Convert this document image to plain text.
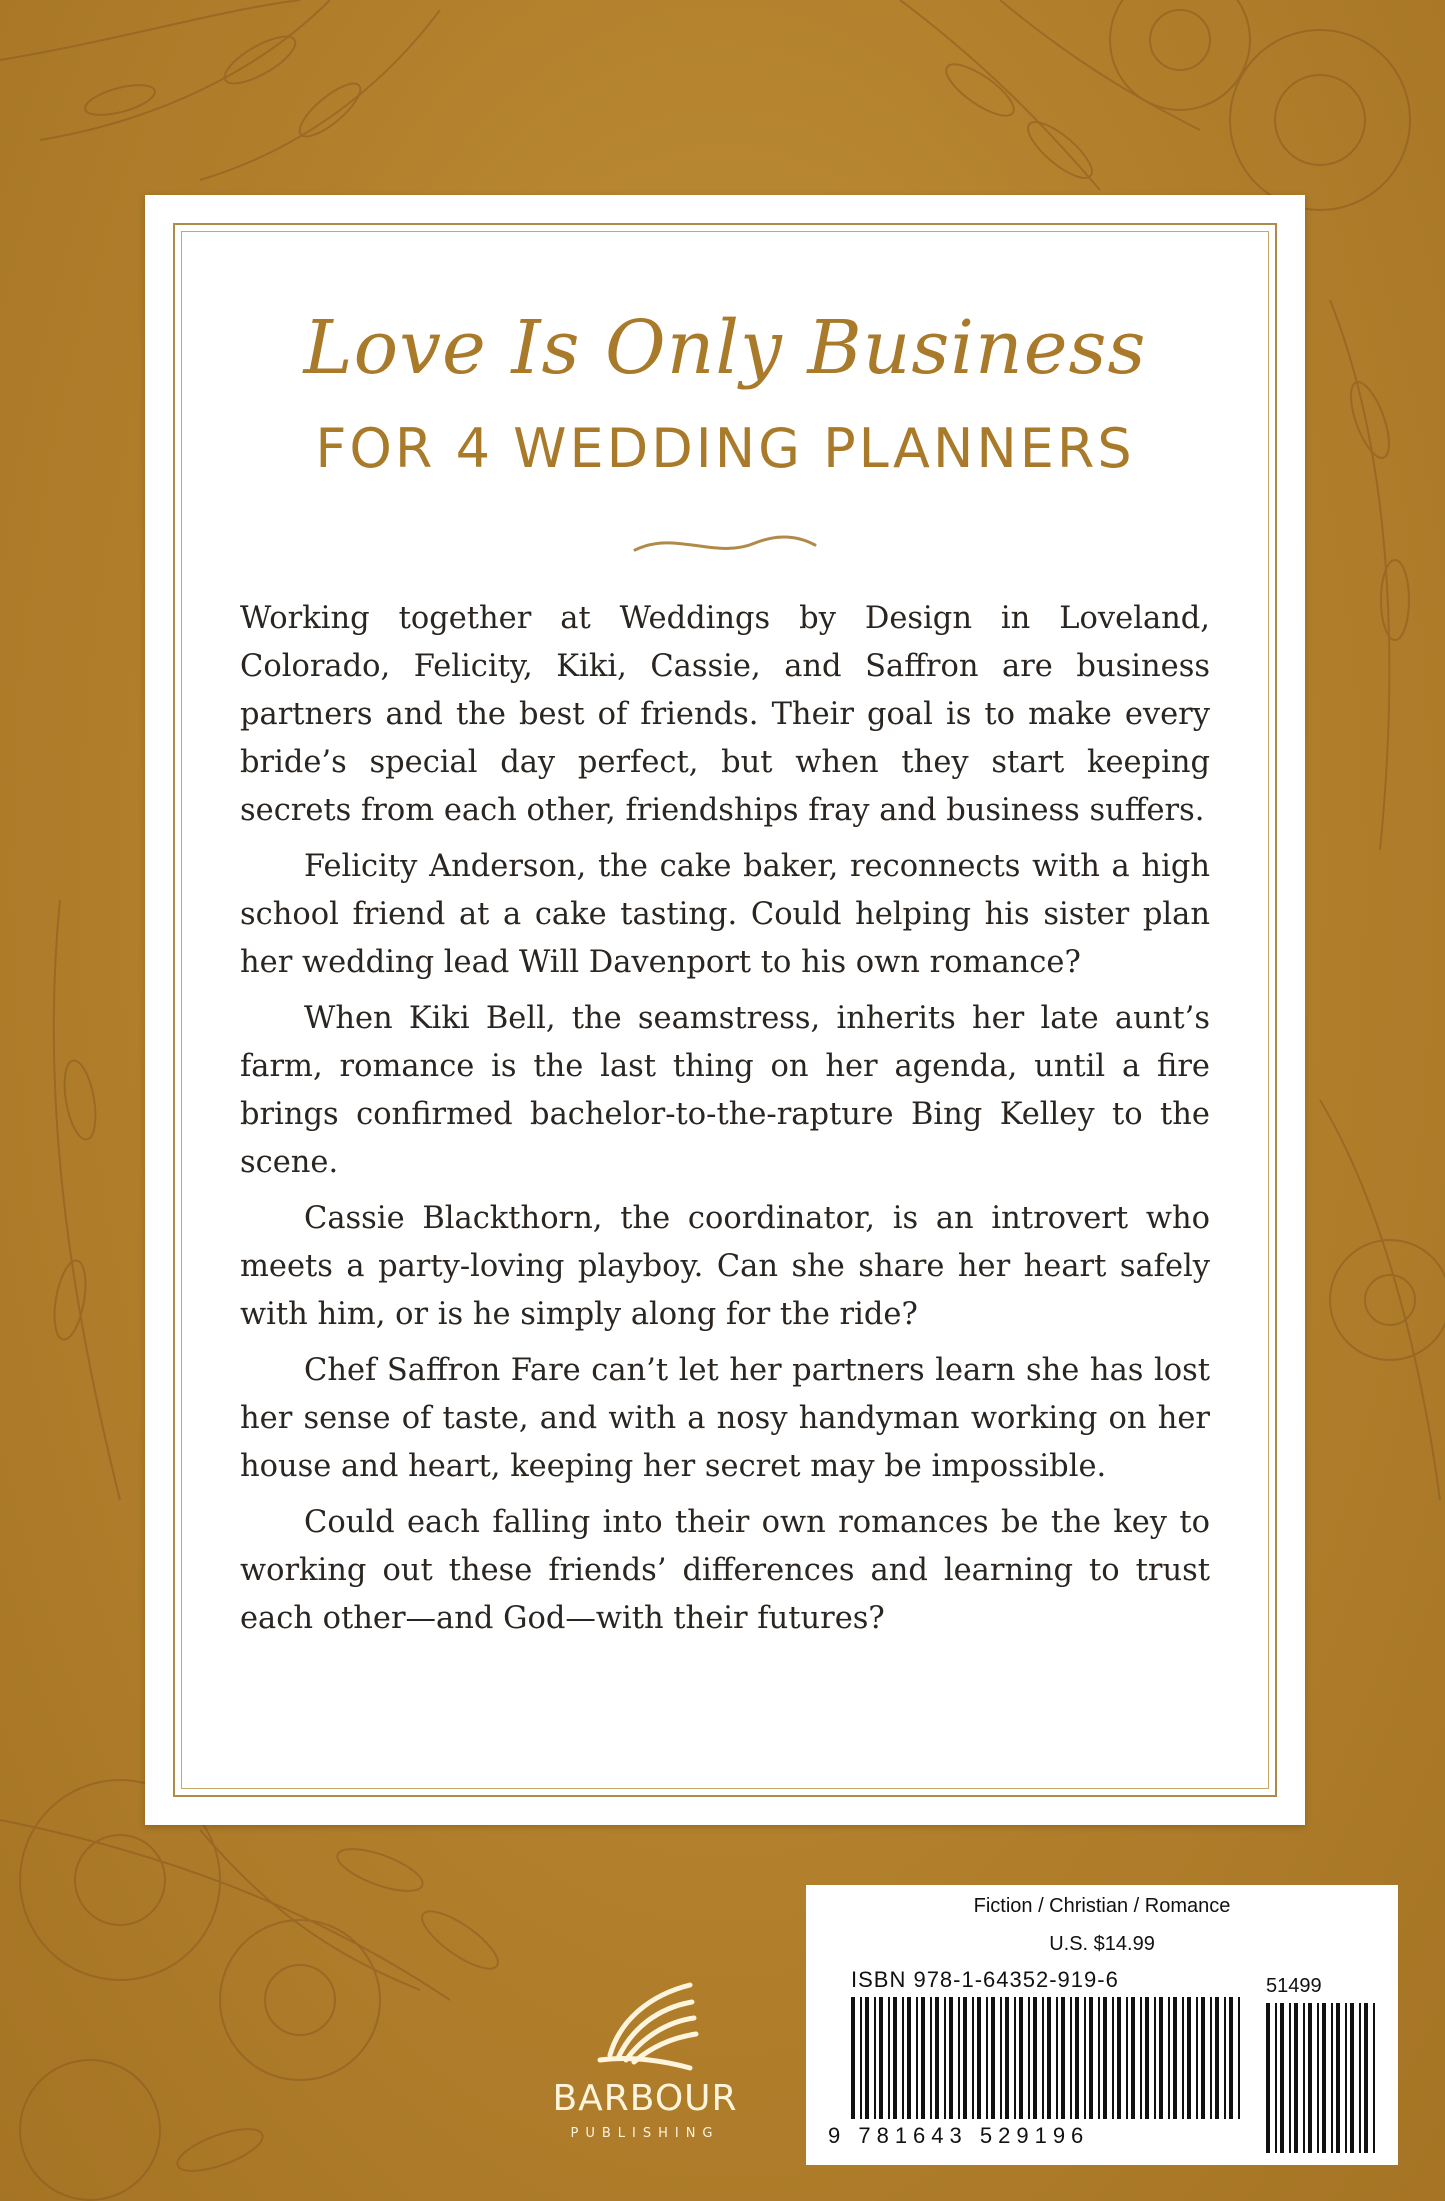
Love Is Only Business
FOR 4 WEDDING PLANNERS

Working together at Weddings by Design in Loveland, Colorado, Felicity, Kiki, Cassie, and Saffron are business partners and the best of friends. Their goal is to make every bride’s special day perfect, but when they start keeping secrets from each other, friendships fray and business suffers.

Felicity Anderson, the cake baker, reconnects with a high school friend at a cake tasting. Could helping his sister plan her wedding lead Will Davenport to his own romance?

When Kiki Bell, the seamstress, inherits her late aunt’s farm, romance is the last thing on her agenda, until a fire brings confirmed bachelor-to-the-rapture Bing Kelley to the scene.

Cassie Blackthorn, the coordinator, is an introvert who meets a party-loving playboy. Can she share her heart safely with him, or is he simply along for the ride?

Chef Saffron Fare can’t let her partners learn she has lost her sense of taste, and with a nosy handyman working on her house and heart, keeping her secret may be impossible.

Could each falling into their own romances be the key to working out these friends’ differences and learning to trust each other—and God—with their futures?

BARBOUR
PUBLISHING
Fiction / Christian / Romance
U.S. $14.99
ISBN 978-1-64352-919-6	51499
9 781643 529196
